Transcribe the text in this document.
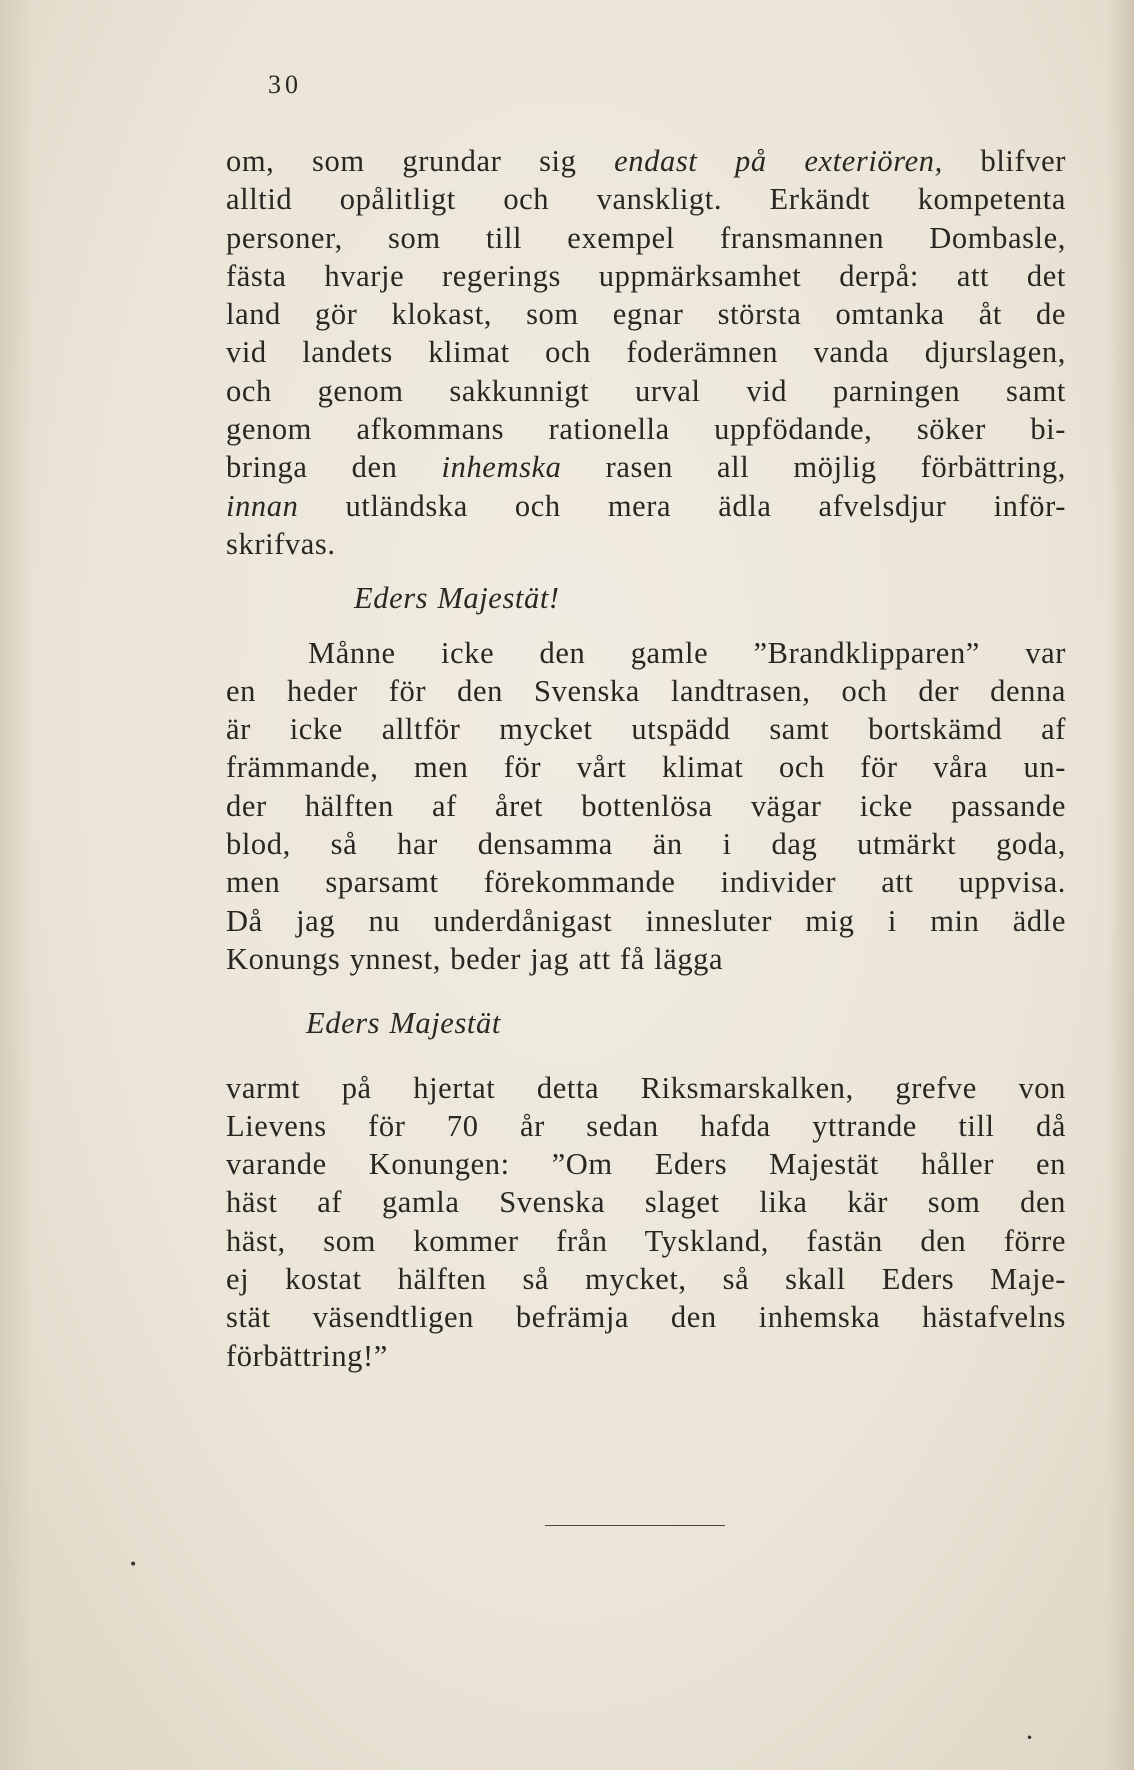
30
om, som grundar sig endast på exteriören, blifver
alltid opålitligt och vanskligt. Erkändt kompetenta
personer, som till exempel fransmannen Dombasle,
fästa hvarje regerings uppmärksamhet derpå: att det
land gör klokast, som egnar största omtanka åt de
vid landets klimat och foderämnen vanda djurslagen,
och genom sakkunnigt urval vid parningen samt
genom afkommans rationella uppfödande, söker bi-
bringa den inhemska rasen all möjlig förbättring,
innan utländska och mera ädla afvelsdjur inför-
skrifvas.
Eders Majestät!
Månne icke den gamle ”Brandklipparen” var
en heder för den Svenska landtrasen, och der denna
är icke alltför mycket utspädd samt bortskämd af
främmande, men för vårt klimat och för våra un-
der hälften af året bottenlösa vägar icke passande
blod, så har densamma än i dag utmärkt goda,
men sparsamt förekommande individer att uppvisa.
Då jag nu underdånigast innesluter mig i min ädle
Konungs ynnest, beder jag att få lägga
Eders Majestät
varmt på hjertat detta Riksmarskalken, grefve von
Lievens för 70 år sedan hafda yttrande till då
varande Konungen: ”Om Eders Majestät håller en
häst af gamla Svenska slaget lika kär som den
häst, som kommer från Tyskland, fastän den förre
ej kostat hälften så mycket, så skall Eders Maje-
stät väsendtligen befrämja den inhemska hästafvelns
förbättring!”
•
•
